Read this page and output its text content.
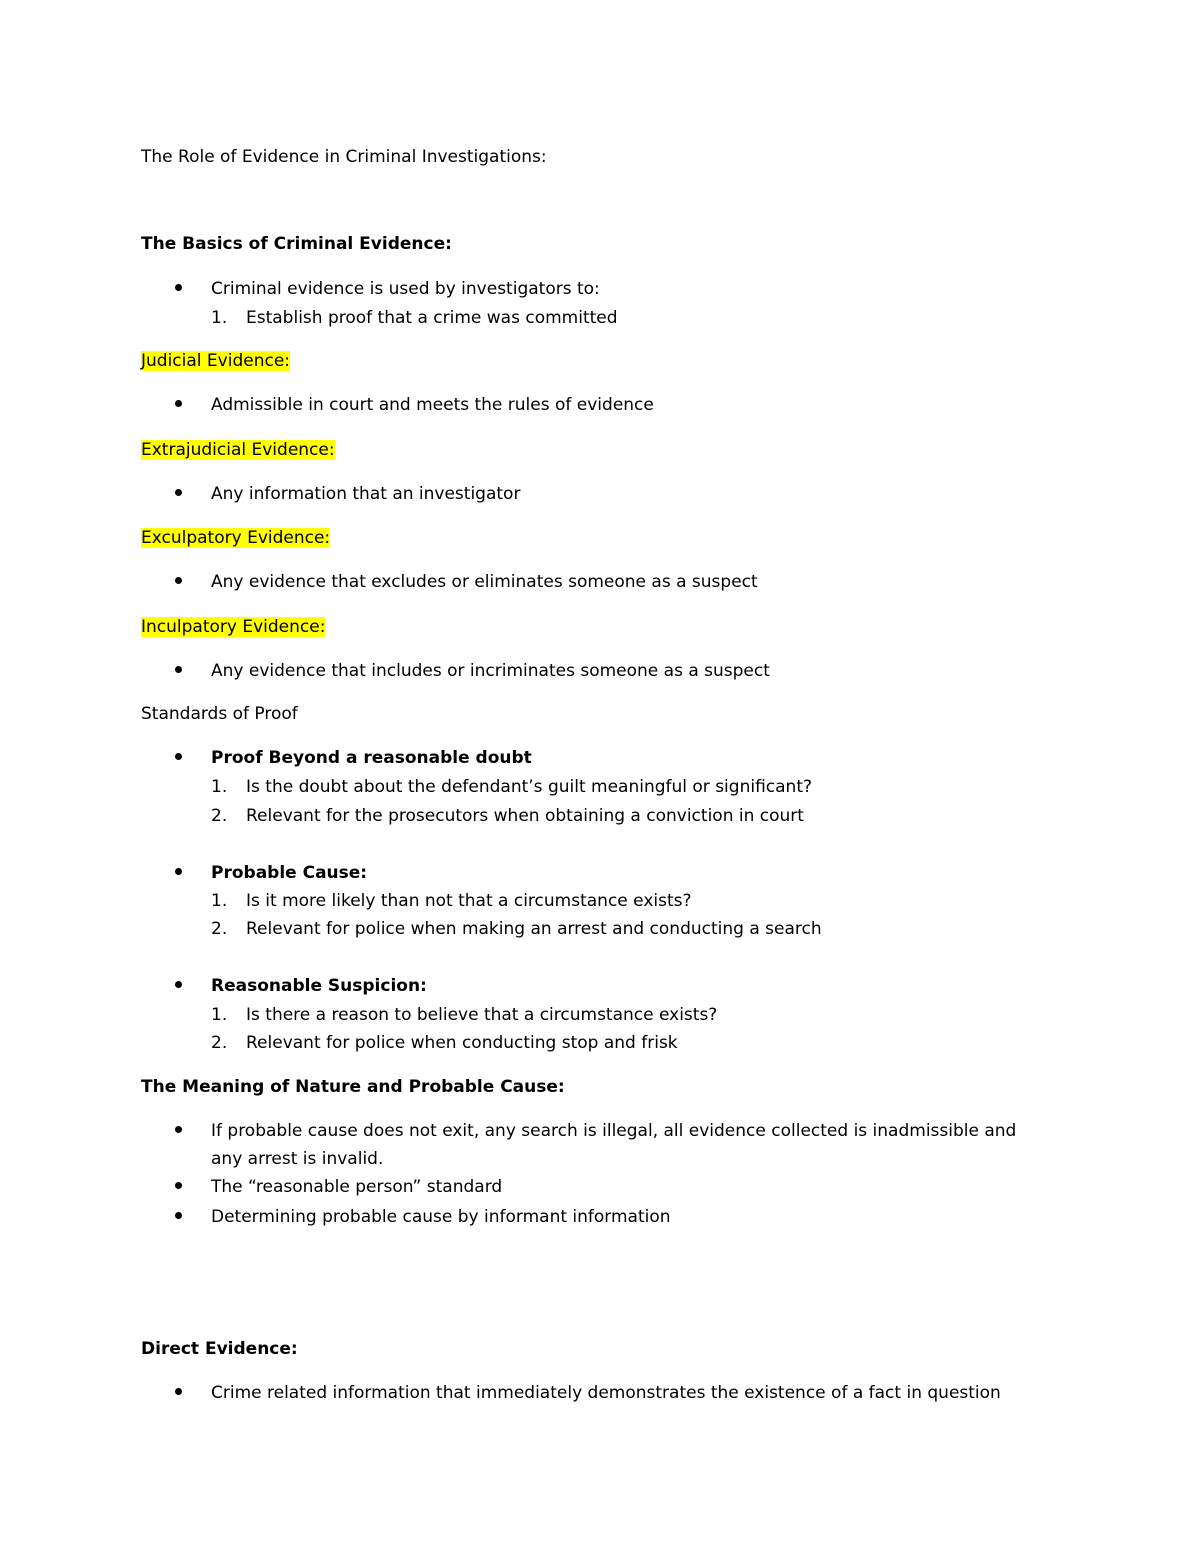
The Role of Evidence in Criminal Investigations:
The Basics of Criminal Evidence:
Criminal evidence is used by investigators to:
1. Establish proof that a crime was committed
Judicial Evidence:
Admissible in court and meets the rules of evidence
Extrajudicial Evidence:
Any information that an investigator
Exculpatory Evidence:
Any evidence that excludes or eliminates someone as a suspect
Inculpatory Evidence:
Any evidence that includes or incriminates someone as a suspect
Standards of Proof
Proof Beyond a reasonable doubt
1. Is the doubt about the defendant’s guilt meaningful or significant?
2. Relevant for the prosecutors when obtaining a conviction in court
Probable Cause:
1. Is it more likely than not that a circumstance exists?
2. Relevant for police when making an arrest and conducting a search
Reasonable Suspicion:
1. Is there a reason to believe that a circumstance exists?
2. Relevant for police when conducting stop and frisk
The Meaning of Nature and Probable Cause:
If probable cause does not exit, any search is illegal, all evidence collected is inadmissible and
any arrest is invalid.
The “reasonable person” standard
Determining probable cause by informant information
Direct Evidence:
Crime related information that immediately demonstrates the existence of a fact in question
